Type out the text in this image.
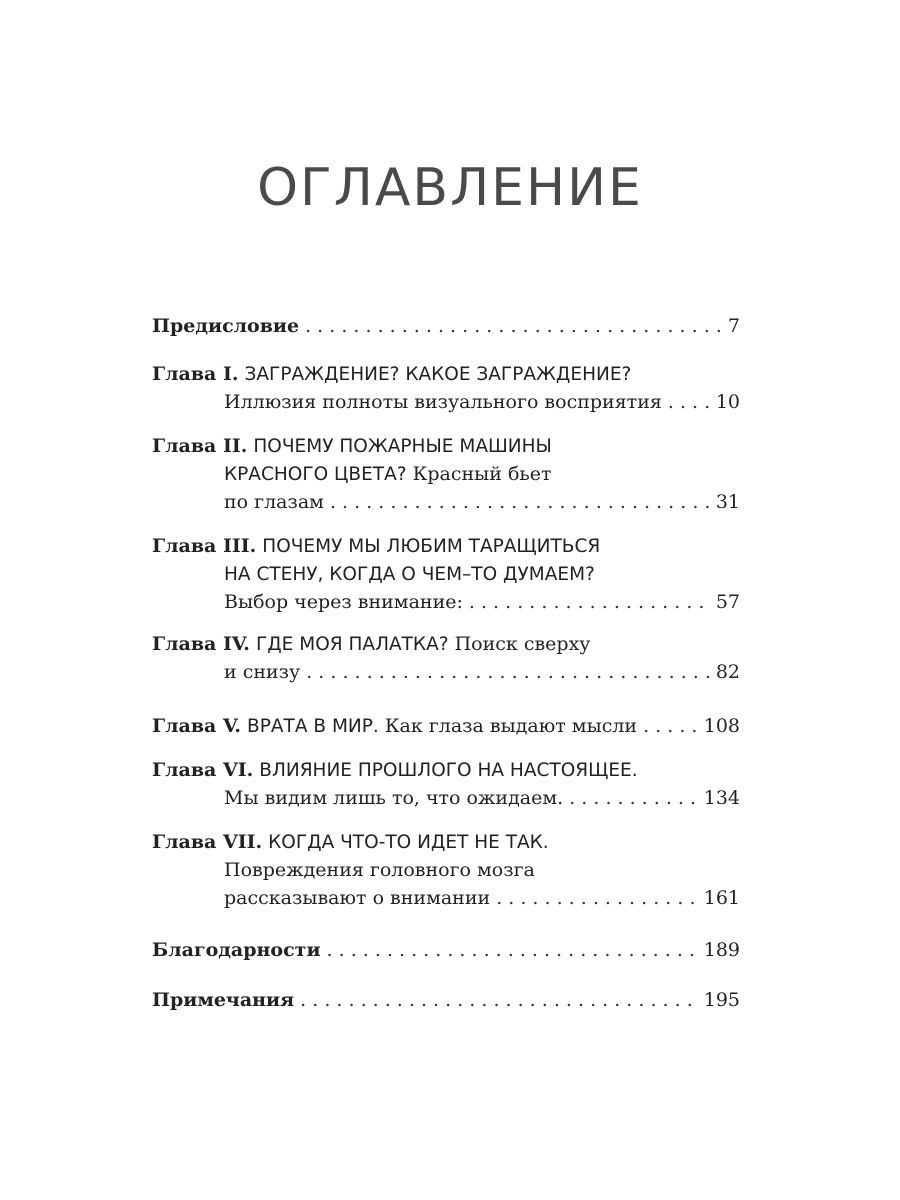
ОГЛАВЛЕНИЕ
Предисловие . . .	7
Глава I. ЗАГРАЖДЕНИЕ? КАКОЕ ЗАГРАЖДЕНИЕ?
Иллюзия полноты визуального восприятия . . .	10
Глава II. ПОЧЕМУ ПОЖАРНЫЕ МАШИНЫ
КРАСНОГО ЦВЕТА? Красный бьет
по глазам . . .	31
Глава III. ПОЧЕМУ МЫ ЛЮБИМ ТАРАЩИТЬСЯ
НА СТЕНУ, КОГДА О ЧЕМ–ТО ДУМАЕМ?
Выбор через внимание: . . .	57
Глава IV. ГДЕ МОЯ ПАЛАТКА? Поиск сверху
и снизу . . .	82
Глава V. ВРАТА В МИР. Как глаза выдают мысли . . .	108
Глава VI. ВЛИЯНИЕ ПРОШЛОГО НА НАСТОЯЩЕЕ.
Мы видим лишь то, что ожидаем. . . .	134
Глава VII. КОГДА ЧТО-ТО ИДЕТ НЕ ТАК.
Повреждения головного мозга
рассказывают о внимании . . .	161
Благодарности . . .	189
Примечания . . .	195
